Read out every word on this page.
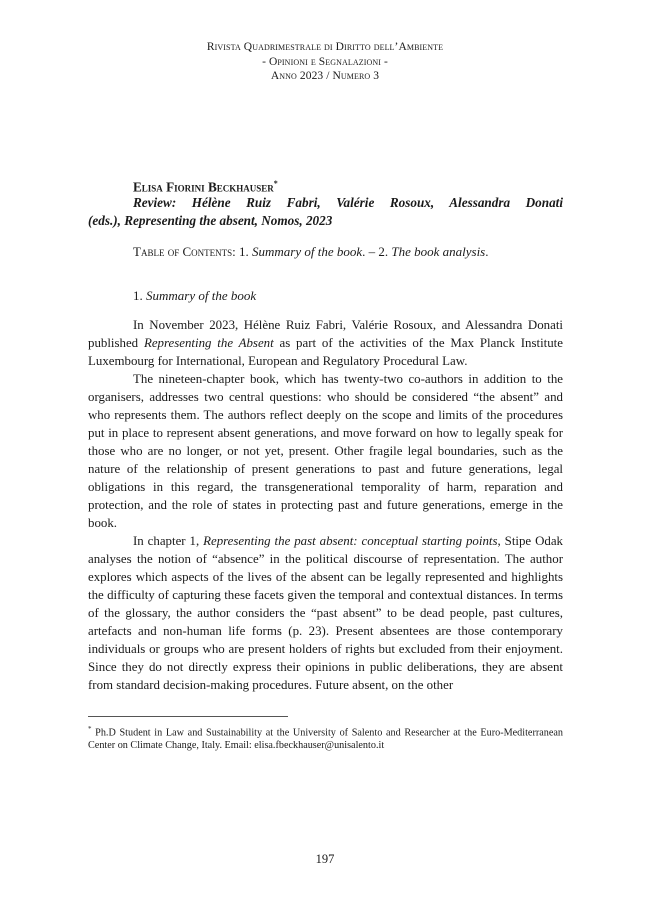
Rivista Quadrimestrale di Diritto dell’Ambiente
- Opinioni e Segnalazioni -
Anno 2023 / Numero 3
Elisa Fiorini Beckhauser*
Review: Hélène Ruiz Fabri, Valérie Rosoux, Alessandra Donati
(eds.), Representing the absent, Nomos, 2023
Table of Contents: 1. Summary of the book. – 2. The book analysis.
1. Summary of the book

In November 2023, Hélène Ruiz Fabri, Valérie Rosoux, and Alessandra Donati published Representing the Absent as part of the activities of the Max Planck Institute Luxembourg for International, European and Regulatory Procedural Law.

The nineteen-chapter book, which has twenty-two co-authors in addition to the organisers, addresses two central questions: who should be considered “the absent” and who represents them. The authors reflect deeply on the scope and limits of the procedures put in place to represent absent generations, and move forward on how to legally speak for those who are no longer, or not yet, present. Other fragile legal boundaries, such as the nature of the relationship of present generations to past and future generations, legal obligations in this regard, the transgenerational temporality of harm, reparation and protection, and the role of states in protecting past and future generations, emerge in the book.

In chapter 1, Representing the past absent: conceptual starting points, Stipe Odak analyses the notion of “absence” in the political discourse of representation. The author explores which aspects of the lives of the absent can be legally represented and highlights the difficulty of capturing these facets given the temporal and contextual distances. In terms of the glossary, the author considers the “past absent” to be dead people, past cultures, artefacts and non-human life forms (p. 23). Present absentees are those contemporary individuals or groups who are present holders of rights but excluded from their enjoyment. Since they do not directly express their opinions in public deliberations, they are absent from standard decision-making procedures. Future absent, on the other

* Ph.D Student in Law and Sustainability at the University of Salento and Researcher at the Euro-Mediterranean Center on Climate Change, Italy. Email: elisa.fbeckhauser@unisalento.it
197
